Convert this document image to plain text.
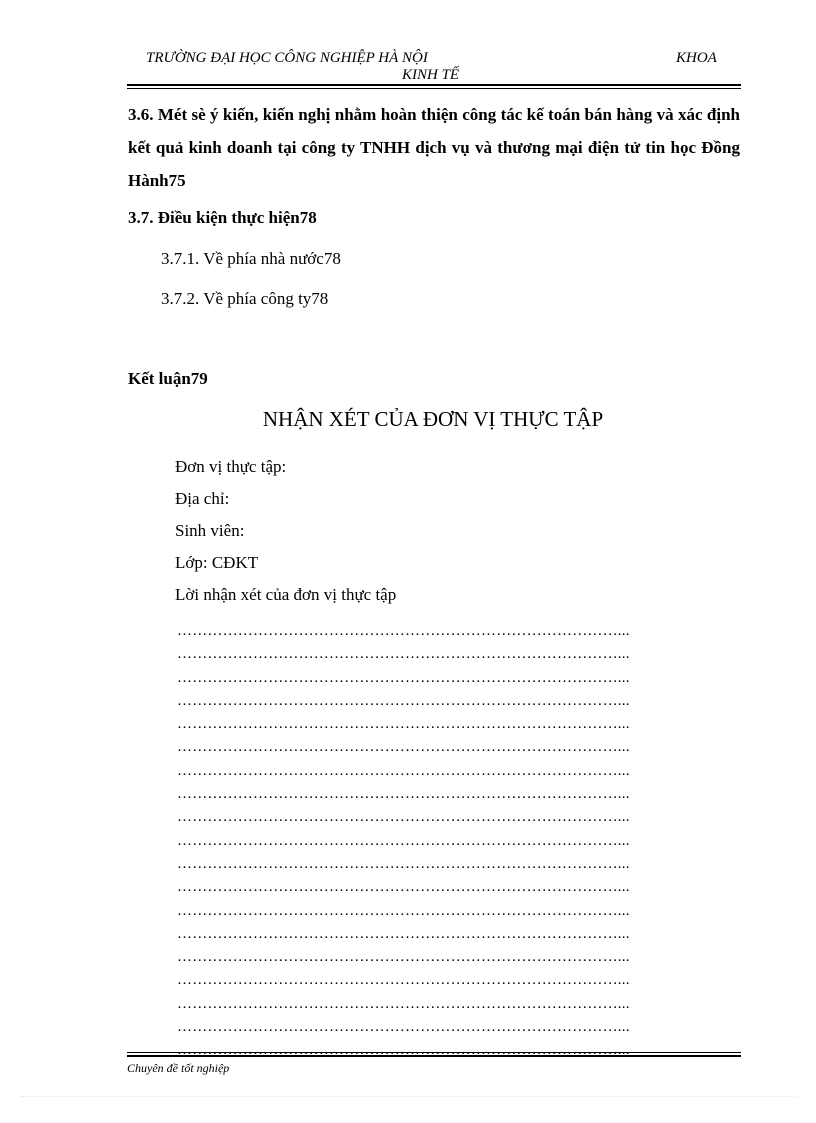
TRƯỜNG ĐẠI HỌC CÔNG NGHIỆP HÀ NỘI	KHOA
KINH TẾ
3.6. Mét sè ý kiến, kiến nghị nhằm hoàn thiện công tác kế toán bán hàng và xác định kết quả kinh doanh tại công ty TNHH dịch vụ và thương mại điện tử tin học Đồng Hành75
3.7. Điều kiện thực hiện78
3.7.1. Về phía nhà nước78
3.7.2. Về phía công ty78
Kết luận79
NHẬN XÉT CỦA ĐƠN VỊ THỰC TẬP
Đơn vị thực tập:
Địa chỉ:
Sinh viên:
Lớp: CĐKT
Lời nhận xét của đơn vị thực tập
……………………………………………………………………………...
……………………………………………………………………………...
……………………………………………………………………………...
……………………………………………………………………………...
……………………………………………………………………………...
……………………………………………………………………………...
……………………………………………………………………………...
……………………………………………………………………………...
……………………………………………………………………………...
……………………………………………………………………………...
……………………………………………………………………………...
……………………………………………………………………………...
……………………………………………………………………………...
……………………………………………………………………………...
……………………………………………………………………………...
……………………………………………………………………………...
……………………………………………………………………………...
……………………………………………………………………………...
……………………………………………………………………………...
Chuyên đề tốt nghiệp
